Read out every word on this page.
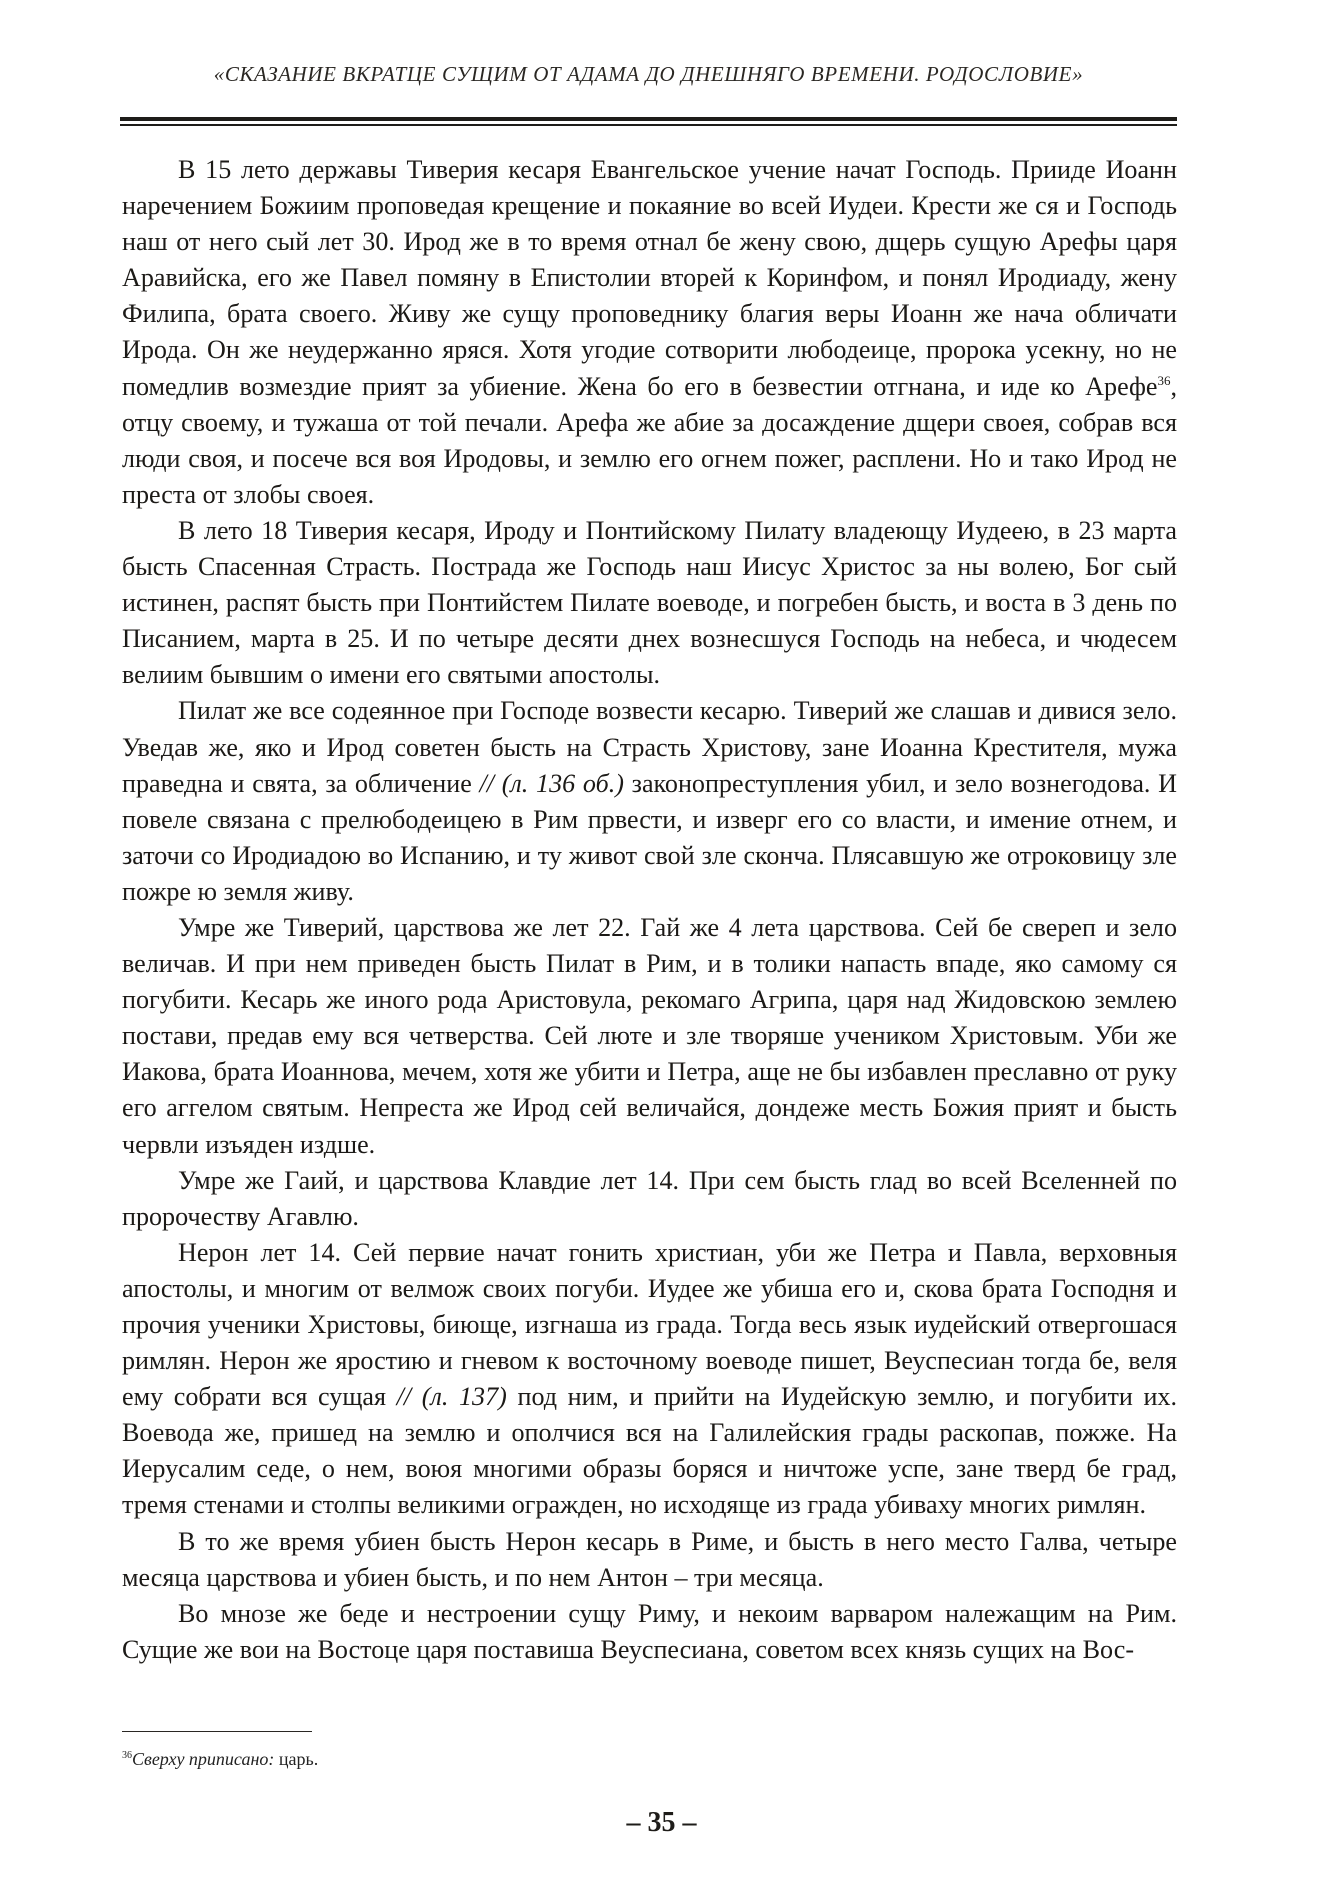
«СКАЗАНИЕ ВКРАТЦЕ СУЩИМ ОТ АДАМА ДО ДНЕШНЯГО ВРЕМЕНИ. РОДОСЛОВИЕ»

В 15 лето державы Тиверия кесаря Евангельское учение начат Господь. Прииде Иоанн наречением Божиим проповедая крещение и покаяние во всей Иудеи. Крести же ся и Господь наш от него сый лет 30. Ирод же в то время отнал бе жену свою, дщерь сущую Арефы царя Аравийска, его же Павел помяну в Епистолии вторей к Коринфом, и понял Иродиаду, жену Филипа, брата своего. Живу же сущу проповеднику благия веры Иоанн же нача обличати Ирода. Он же неудержанно яряся. Хотя угодие сотворити любодеице, пророка усекну, но не помедлив возмездие прият за убиение. Жена бо его в безвестии отгнана, и иде ко Арефе$^{36}$, отцу своему, и тужаша от той печали. Арефа же абие за досаждение дщери своея, собрав вся люди своя, и посече вся воя Иродовы, и землю его огнем пожег, расплени. Но и тако Ирод не преста от злобы своея.

В лето 18 Тиверия кесаря, Ироду и Понтийскому Пилату владеющу Иудеею, в 23 марта бысть Спасенная Страсть. Пострада же Господь наш Иисус Христос за ны волею, Бог сый истинен, распят бысть при Понтийстем Пилате воеводе, и погребен бысть, и воста в 3 день по Писанием, марта в 25. И по четыре десяти днех вознесшуся Господь на небеса, и чюдесем велиим бывшим о имени его святыми апостолы.

Пилат же все содеянное при Господе возвести кесарю. Тиверий же слашав и дивися зело. Уведав же, яко и Ирод советен бысть на Страсть Христову, зане Иоанна Крестителя, мужа праведна и свята, за обличение // (л. 136 об.) законопреступления убил, и зело вознегодова. И повеле связана с прелюбодеицею в Рим првести, и изверг его со власти, и имение отнем, и заточи со Иродиадою во Испанию, и ту живот свой зле скончa. Плясавшую же отроковицу зле пожре ю земля живу.

Умре же Тиверий, царствова же лет 22. Гай же 4 лета царствова. Сей бе свереп и зело величав. И при нем приведен бысть Пилат в Рим, и в толики напасть впаде, яко самому ся погубити. Кесарь же иного рода Аристовула, рекомаго Агрипа, царя над Жидовскою землею постави, предав ему вся четверства. Сей люте и зле творяше учеником Христовым. Уби же Иакова, брата Иоаннова, мечем, хотя же убити и Петра, аще не бы избавлен преславно от руку его аггелом святым. Непреста же Ирод сей величайся, дондеже месть Божия прият и бысть червли изъяден издше.

Умре же Гаий, и царствова Клавдие лет 14. При сем бысть глад во всей Вселенней по пророчеству Агавлю.

Нерон лет 14. Сей первие начат гонить христиан, уби же Петра и Павла, верховныя апостолы, и многим от велмож своих погуби. Иудее же убиша его и, скова брата Господня и прочия ученики Христовы, биюще, изгнаша из града. Тогда весь язык иудейский отвергошася римлян. Нерон же яростию и гневом к восточному воеводе пишет, Веуспесиан тогда бе, веля ему собрати вся сущая // (л. 137) под ним, и прийти на Иудейскую землю, и погубити их. Воевода же, пришед на землю и ополчися вся на Галилейския грады раскопав, пожже. На Иерусалим седе, о нем, воюя многими образы боряся и ничтоже успе, зане тверд бе град, тремя стенами и столпы великими огражден, но исходяще из града убиваху многих римлян.

В то же время убиен бысть Нерон кесарь в Риме, и бысть в него место Галва, четыре месяца царствова и убиен бысть, и по нем Антон – три месяца.

Во мнозе же беде и нестроении сущу Риму, и некоим варваром належащим на Рим. Сущие же вои на Востоце царя поставиша Веуспесиана, советом всех князь сущих на Вос-

$^{36}$Сверху приписано: царь.
– 35 –
